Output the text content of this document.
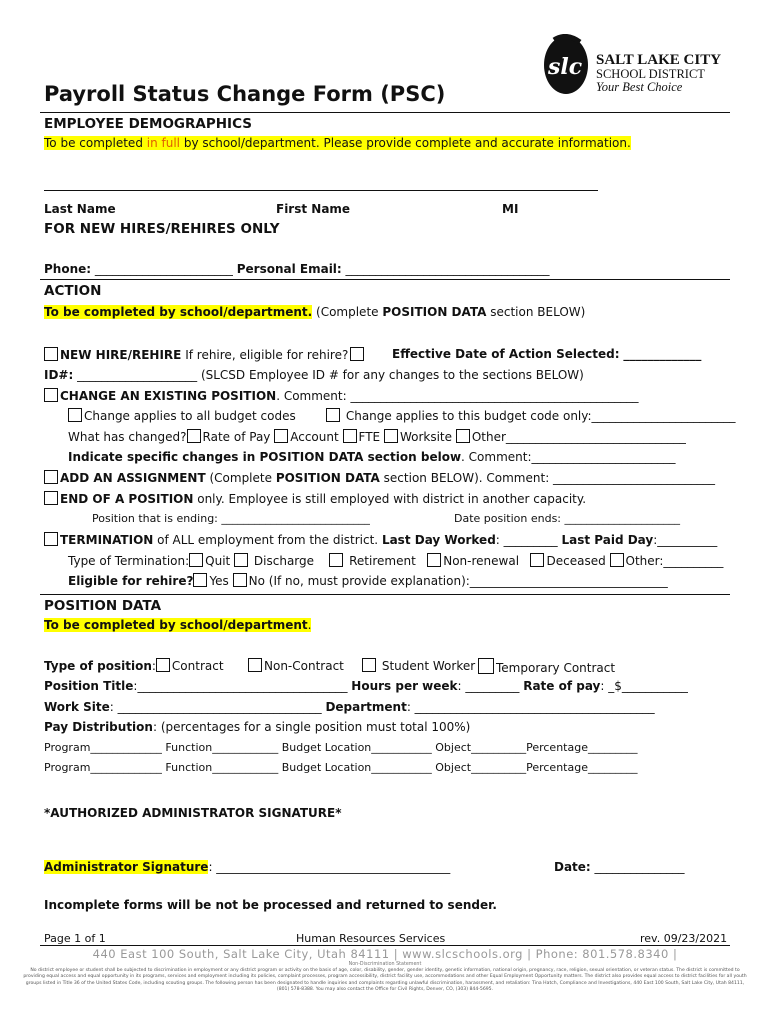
slc SALT LAKE CITY
SCHOOL DISTRICT
Your Best Choice
Payroll Status Change Form (PSC)
EMPLOYEE DEMOGRAPHICS
To be completed in full by school/department. Please provide complete and accurate information.
Last Name	First Name	MI
FOR NEW HIRES/REHIRES ONLY
Phone: _______________________ Personal Email: __________________________________
ACTION
To be completed by school/department. (Complete POSITION DATA section BELOW)
NEW HIRE/REHIRE If rehire, eligible for rehire?	Effective Date of Action Selected: _____________
ID#: ____________________ (SLCSD Employee ID # for any changes to the sections BELOW)
CHANGE AN EXISTING POSITION. Comment: ________________________________________________
Change applies to all budget codes	Change applies to this budget code only:________________________
What has changed? Rate of Pay Account FTE Worksite Other______________________________
Indicate specific changes in POSITION DATA section below. Comment:________________________
ADD AN ASSIGNMENT (Complete POSITION DATA section BELOW). Comment: ___________________________
END OF A POSITION only. Employee is still employed with district in another capacity.
Position that is ending: ___________________________	Date position ends: _____________________
TERMINATION of ALL employment from the district. Last Day Worked: _________ Last Paid Day:__________
Type of Termination: Quit Discharge	Retirement Non-renewal Deceased Other:__________
Eligible for rehire? Yes No (If no, must provide explanation):_________________________________
POSITION DATA
To be completed by school/department.
Type of position: Contract	Non-Contract	Student Worker	Temporary Contract
Position Title:___________________________________ Hours per week: _________ Rate of pay: _$___________
Work Site: __________________________________ Department: ________________________________________
Pay Distribution: (percentages for a single position must total 100%)
Program_____________ Function____________ Budget Location___________ Object__________Percentage_________
Program_____________ Function____________ Budget Location___________ Object__________Percentage_________
*AUTHORIZED ADMINISTRATOR SIGNATURE*
Administrator Signature: _______________________________________	Date: _______________
Incomplete forms will be not be processed and returned to sender.
Page 1 of 1	Human Resources Services	rev. 09/23/2021
440 East 100 South, Salt Lake City, Utah 84111 | www.slcschools.org | Phone: 801.578.8340 |
Non-Discrimination Statement
No district employee or student shall be subjected to discrimination in employment or any district program or activity on the basis of age, color, disability, gender, gender identity, genetic information, national origin, pregnancy, race, religion, sexual orientation, or veteran status. The district is committed to providing equal access and equal opportunity in its programs, services and employment including its policies, complaint processes, program accessibility, district facility use, accommodations and other Equal Employment Opportunity matters. The district also provides equal access to district facilities for all youth groups listed in Title 36 of the United States Code, including scouting groups. The following person has been designated to handle inquiries and complaints regarding unlawful discrimination, harassment, and retaliation: Tina Hatch, Compliance and Investigations, 440 East 100 South, Salt Lake City, Utah 84111, (801) 578-8388. You may also contact the Office for Civil Rights, Denver, CO, (303) 844-5695.
